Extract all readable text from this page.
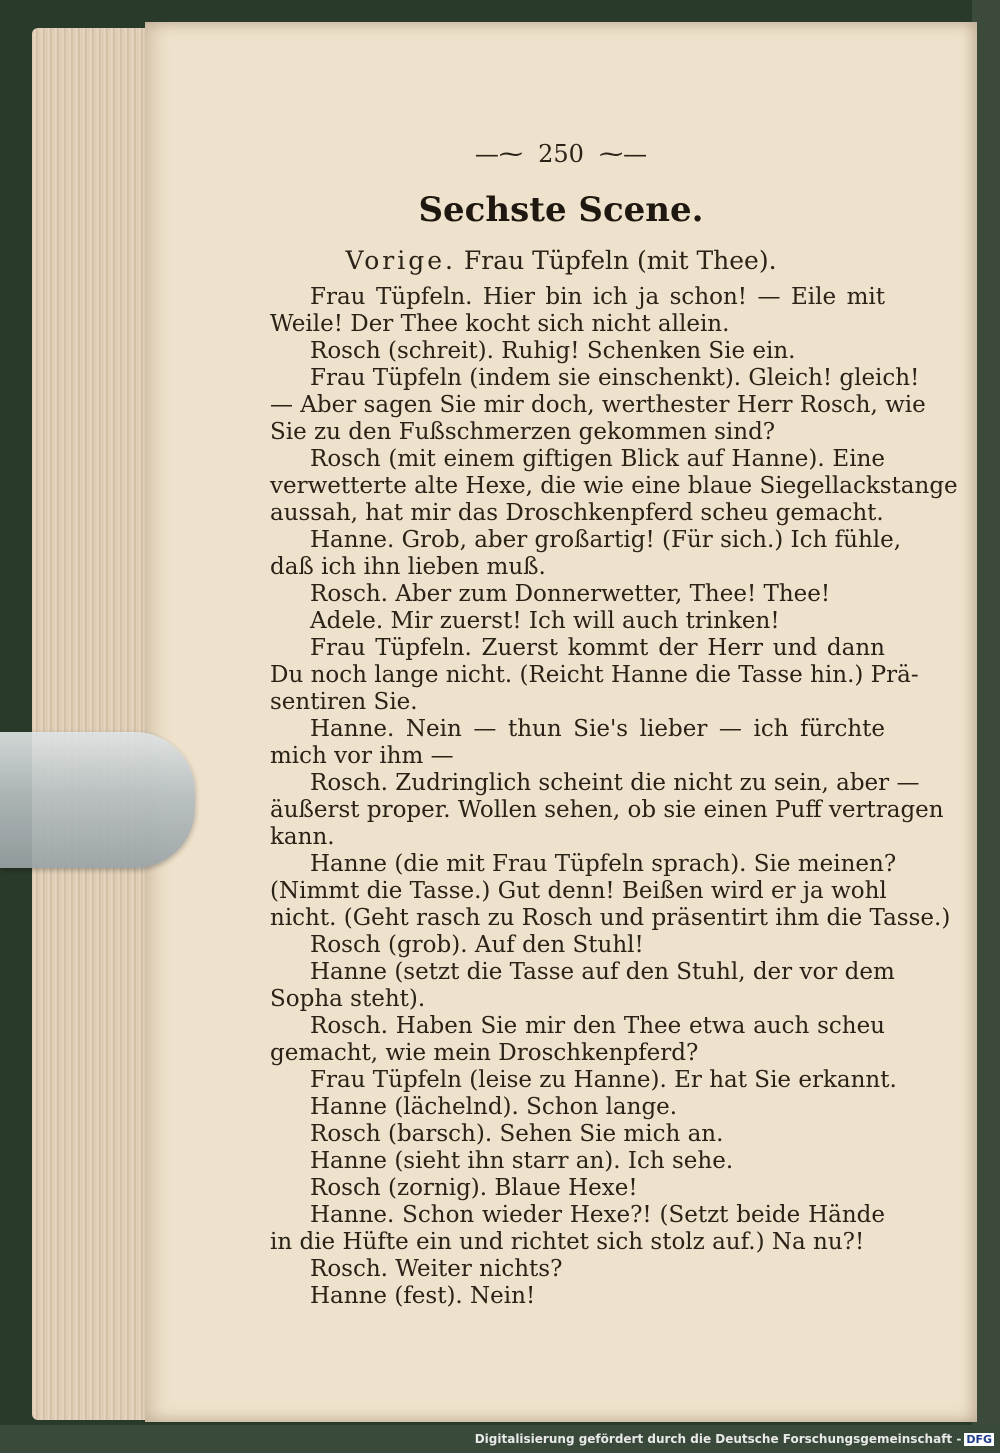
—⁓ 250 ⁓—
Sechste Scene.
Vorige. Frau Tüpfeln (mit Thee).
Frau Tüpfeln. Hier bin ich ja schon! — Eile mit
Weile! Der Thee kocht sich nicht allein.
Rosch (schreit). Ruhig! Schenken Sie ein.
Frau Tüpfeln (indem sie einschenkt). Gleich! gleich!
— Aber sagen Sie mir doch, werthester Herr Rosch, wie
Sie zu den Fußschmerzen gekommen sind?
Rosch (mit einem giftigen Blick auf Hanne). Eine
verwetterte alte Hexe, die wie eine blaue Siegellackstange
aussah, hat mir das Droschkenpferd scheu gemacht.
Hanne. Grob, aber großartig! (Für sich.) Ich fühle,
daß ich ihn lieben muß.
Rosch. Aber zum Donnerwetter, Thee! Thee!
Adele. Mir zuerst! Ich will auch trinken!
Frau Tüpfeln. Zuerst kommt der Herr und dann
Du noch lange nicht. (Reicht Hanne die Tasse hin.) Prä-
sentiren Sie.
Hanne. Nein — thun Sie's lieber — ich fürchte
mich vor ihm —
Rosch. Zudringlich scheint die nicht zu sein, aber —
äußerst proper. Wollen sehen, ob sie einen Puff vertragen
kann.
Hanne (die mit Frau Tüpfeln sprach). Sie meinen?
(Nimmt die Tasse.) Gut denn! Beißen wird er ja wohl
nicht. (Geht rasch zu Rosch und präsentirt ihm die Tasse.)
Rosch (grob). Auf den Stuhl!
Hanne (setzt die Tasse auf den Stuhl, der vor dem
Sopha steht).
Rosch. Haben Sie mir den Thee etwa auch scheu
gemacht, wie mein Droschkenpferd?
Frau Tüpfeln (leise zu Hanne). Er hat Sie erkannt.
Hanne (lächelnd). Schon lange.
Rosch (barsch). Sehen Sie mich an.
Hanne (sieht ihn starr an). Ich sehe.
Rosch (zornig). Blaue Hexe!
Hanne. Schon wieder Hexe?! (Setzt beide Hände
in die Hüfte ein und richtet sich stolz auf.) Na nu?!
Rosch. Weiter nichts?
Hanne (fest). Nein!
Digitalisierung gefördert durch die Deutsche Forschungsgemeinschaft - DFG
